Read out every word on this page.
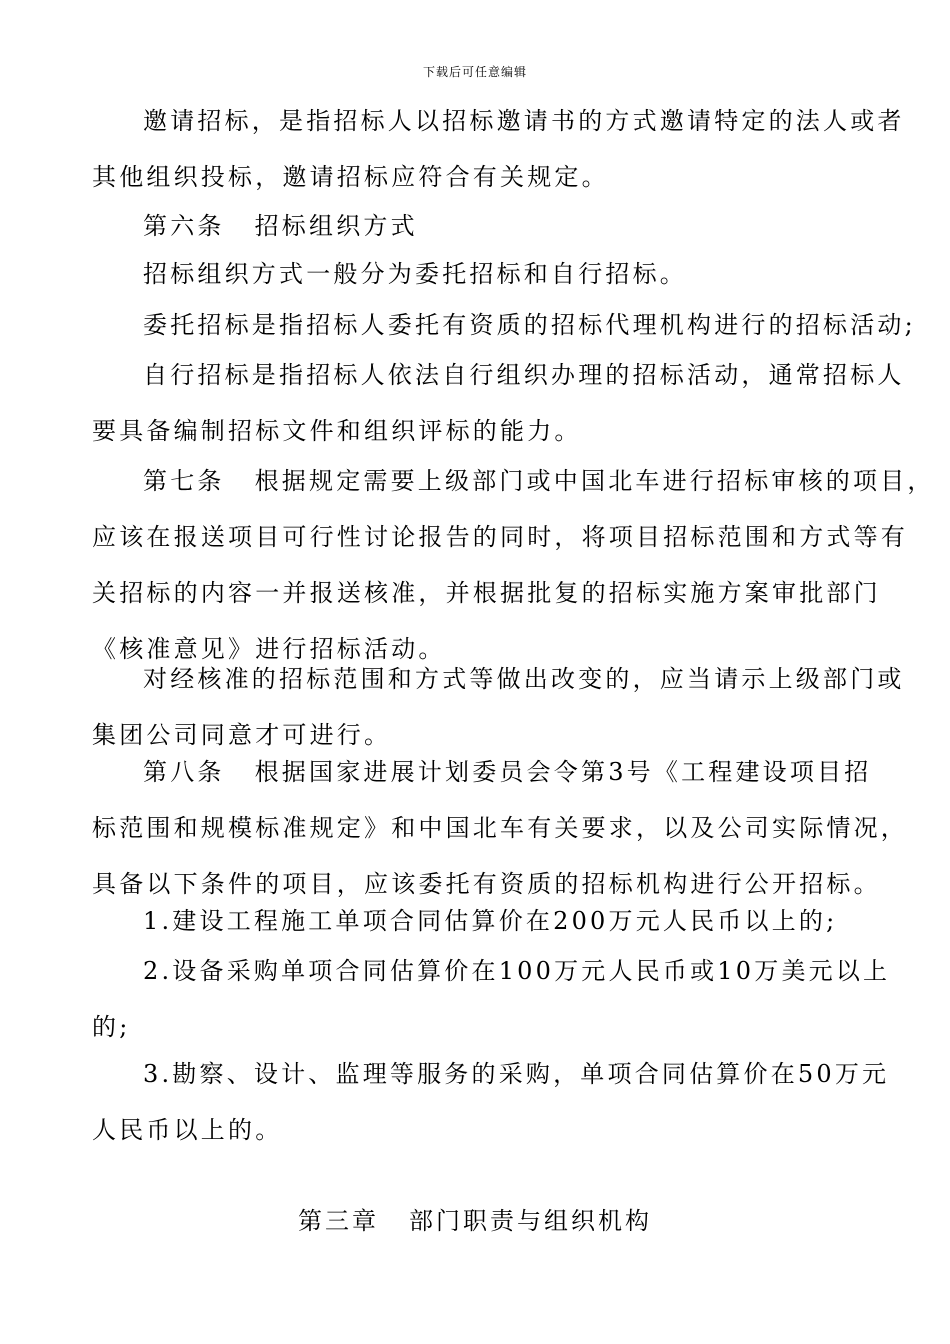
下载后可任意编辑
邀请招标，是指招标人以招标邀请书的方式邀请特定的法人或者
其他组织投标，邀请招标应符合有关规定。
第六条 招标组织方式
招标组织方式一般分为委托招标和自行招标。
委托招标是指招标人委托有资质的招标代理机构进行的招标活动;
自行招标是指招标人依法自行组织办理的招标活动，通常招标人
要具备编制招标文件和组织评标的能力。
第七条 根据规定需要上级部门或中国北车进行招标审核的项目，
应该在报送项目可行性讨论报告的同时，将项目招标范围和方式等有
关招标的内容一并报送核准，并根据批复的招标实施方案审批部门
《核准意见》进行招标活动。
对经核准的招标范围和方式等做出改变的，应当请示上级部门或
集团公司同意才可进行。
第八条 根据国家进展计划委员会令第3号《工程建设项目招
标范围和规模标准规定》和中国北车有关要求，以及公司实际情况，
具备以下条件的项目，应该委托有资质的招标机构进行公开招标。
1.建设工程施工单项合同估算价在200万元人民币以上的;
2.设备采购单项合同估算价在100万元人民币或10万美元以上
的;
3.勘察、设计、监理等服务的采购，单项合同估算价在50万元
人民币以上的。
第三章 部门职责与组织机构
